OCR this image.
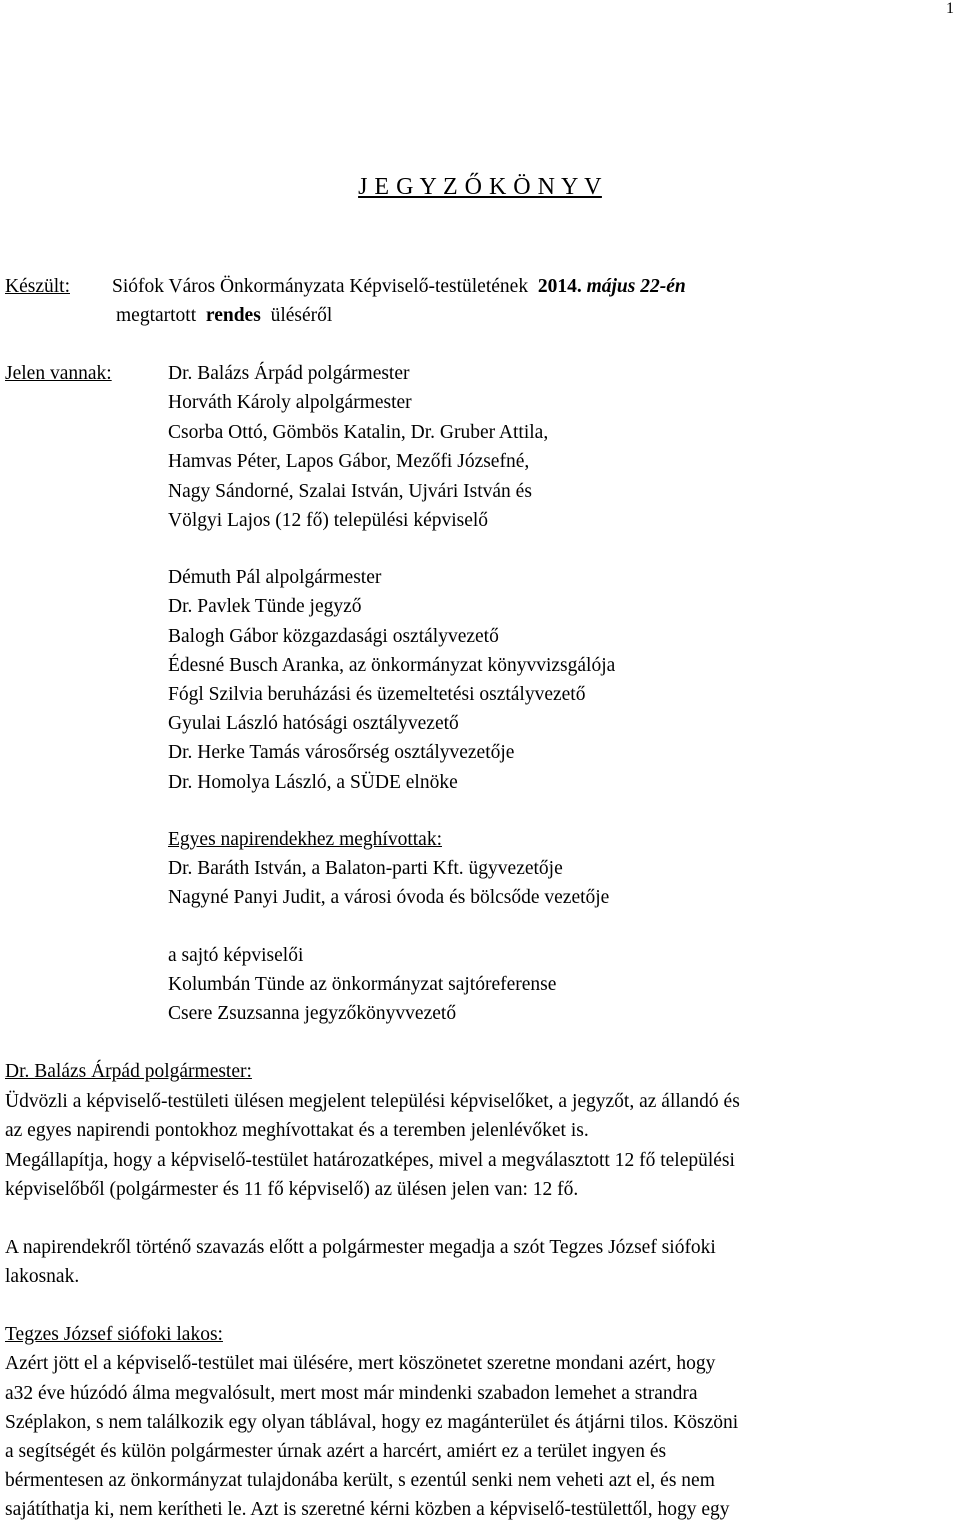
1
J E G Y Z Ő K Ö N Y V
Készült: Siófok Város Önkormányzata Képviselő-testületének 2014. május 22-én
megtartott rendes üléséről
Jelen vannak:	Dr. Balázs Árpád polgármester
Horváth Károly alpolgármester
Csorba Ottó, Gömbös Katalin, Dr. Gruber Attila,
Hamvas Péter, Lapos Gábor, Mezőfi Józsefné,
Nagy Sándorné, Szalai István, Ujvári István és
Völgyi Lajos (12 fő) települési képviselő
Démuth Pál alpolgármester
Dr. Pavlek Tünde jegyző
Balogh Gábor közgazdasági osztályvezető
Édesné Busch Aranka, az önkormányzat könyvvizsgálója
Fógl Szilvia beruházási és üzemeltetési osztályvezető
Gyulai László hatósági osztályvezető
Dr. Herke Tamás városőrség osztályvezetője
Dr. Homolya László, a SÜDE elnöke
Egyes napirendekhez meghívottak:
Dr. Baráth István, a Balaton-parti Kft. ügyvezetője
Nagyné Panyi Judit, a városi óvoda és bölcsőde vezetője
a sajtó képviselői
Kolumbán Tünde az önkormányzat sajtóreferense
Csere Zsuzsanna jegyzőkönyvvezető
Dr. Balázs Árpád polgármester:
Üdvözli a képviselő-testületi ülésen megjelent települési képviselőket, a jegyzőt, az állandó és
az egyes napirendi pontokhoz meghívottakat és a teremben jelenlévőket is.
Megállapítja, hogy a képviselő-testület határozatképes, mivel a megválasztott 12 fő települési
képviselőből (polgármester és 11 fő képviselő) az ülésen jelen van: 12 fő.
A napirendekről történő szavazás előtt a polgármester megadja a szót Tegzes József siófoki
lakosnak.
Tegzes József siófoki lakos:
Azért jött el a képviselő-testület mai ülésére, mert köszönetet szeretne mondani azért, hogy
a32 éve húzódó álma megvalósult, mert most már mindenki szabadon lemehet a strandra
Széplakon, s nem találkozik egy olyan táblával, hogy ez magánterület és átjárni tilos. Köszöni
a segítségét és külön polgármester úrnak azért a harcért, amiért ez a terület ingyen és
bérmentesen az önkormányzat tulajdonába került, s ezentúl senki nem veheti azt el, és nem
sajátíthatja ki, nem kerítheti le. Azt is szeretné kérni közben a képviselő-testülettől, hogy egy
